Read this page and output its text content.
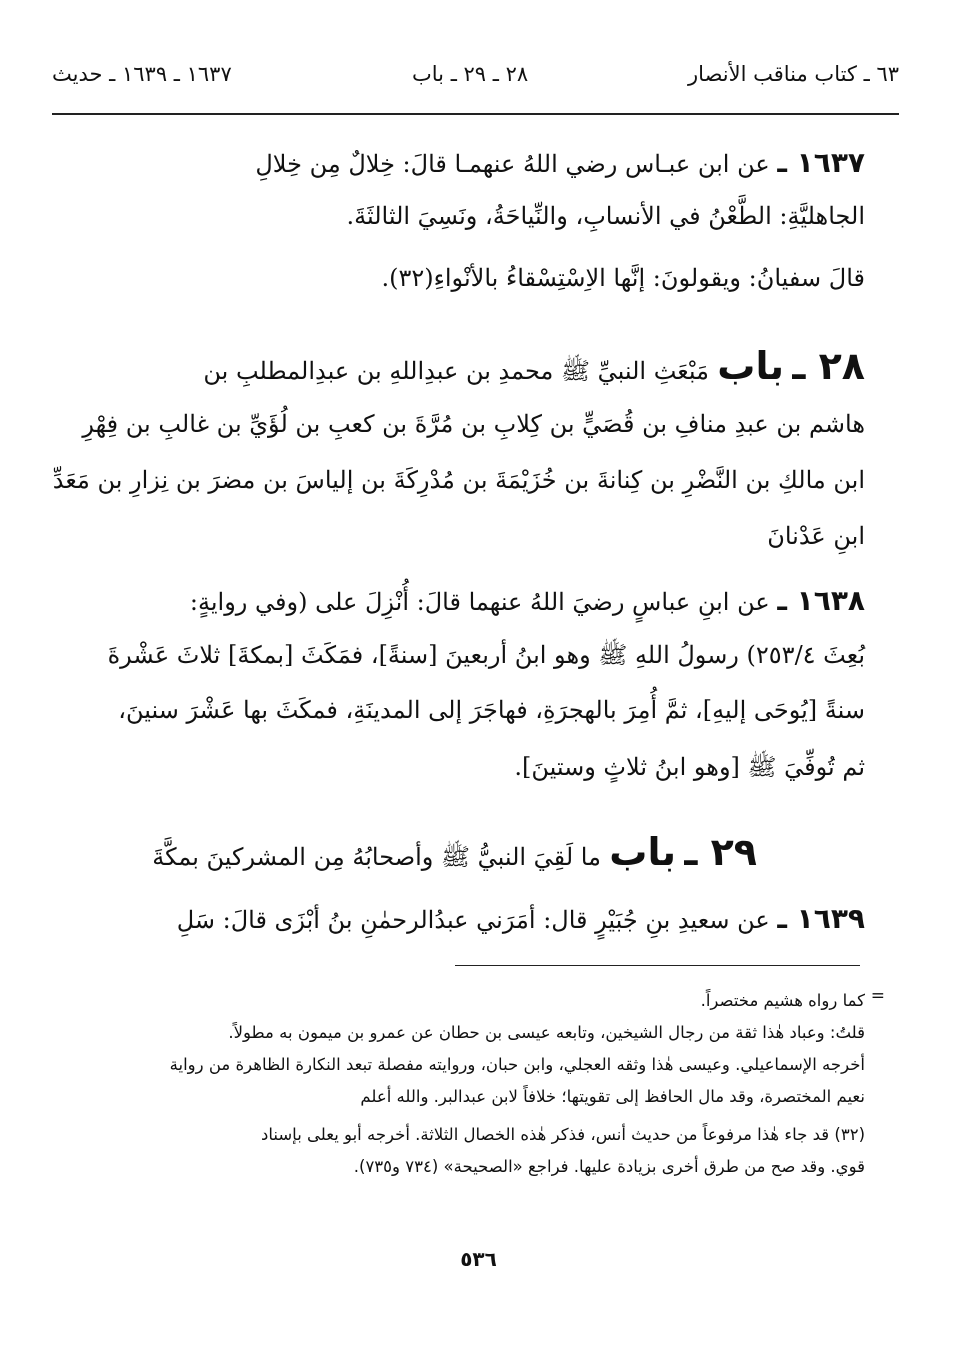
٦٣ ـ كتاب مناقب الأنصار
٢٨ ـ ٢٩ ـ باب
١٦٣٧ ـ ١٦٣٩ ـ حديث
١٦٣٧ ـ عن ابن عبـاس رضي اللهُ عنهمـا قالَ: خِلالٌ مِن خِلالِ
الجاهليَّةِ: الطَّعْنُ في الأنسابِ، والنِّياحَةُ، ونَسِيَ الثالثَةَ.
قالَ سفيانُ: ويقولونَ: إنَّها الاِسْتِسْقاءُ بالأنْواءِ(٣٢).
٢٨ ـ باب مَبْعَثِ النبيِّ ﷺ محمدِ بن عبدِاللهِ بن عبدِالمطلبِ بن
هاشم بن عبدِ منافِ بن قُصَيٍّ بن كِلابِ بن مُرَّةَ بن كعبِ بن لُؤَيِّ بن غالبِ بن فِهْرِ
ابن مالكِ بن النَّضْرِ بن كِنانةَ بن خُزَيْمَةَ بن مُدْرِكَةَ بن إلياسَ بن مضرَ بن نِزارِ بن مَعَدِّ
ابنِ عَدْنانَ
١٦٣٨ ـ عن ابنِ عباسٍ رضيَ اللهُ عنهما قالَ: أُنْزِلَ على (وفي روايةٍ:
بُعِثَ ٢٥٣/٤) رسولُ اللهِ ﷺ وهو ابنُ أربعينَ [سنةً]، فمَكَثَ [بمكةَ] ثلاثَ عَشْرةَ
سنةً [يُوحَى إليهِ]، ثمَّ أُمِرَ بالهجرَةِ، فهاجَرَ إلى المدينَةِ، فمكَثَ بها عَشْرَ سنينَ،
ثم تُوفِّيَ ﷺ [وهو ابنُ ثلاثٍ وستينَ].
٢٩ ـ باب ما لَقِيَ النبيُّ ﷺ وأصحابُهُ مِن المشركينَ بمكَّةَ
١٦٣٩ ـ عن سعيدِ بنِ جُبَيْرٍ قال: أمَرَني عبدُالرحمٰنِ بنُ أبْزَى قالَ: سَلِ
=
كما رواه هشيم مختصراً.
قلتُ: وعباد هٰذا ثقة من رجال الشيخين، وتابعه عيسى بن حطان عن عمرو بن ميمون به مطولاً.
أخرجه الإسماعيلي. وعيسى هٰذا وثقه العجلي، وابن حبان، وروايته مفصلة تبعد النكارة الظاهرة من رواية
نعيم المختصرة، وقد مال الحافظ إلى تقويتها؛ خلافاً لابن عبدالبر. والله أعلم
(٣٢) قد جاء هٰذا مرفوعاً من حديث أنس، فذكر هٰذه الخصال الثلاثة. أخرجه أبو يعلى بإسناد
قوي. وقد صح من طرق أخرى بزيادة عليها. فراجع «الصحيحة» (٧٣٤ و٧٣٥).
٥٣٦
